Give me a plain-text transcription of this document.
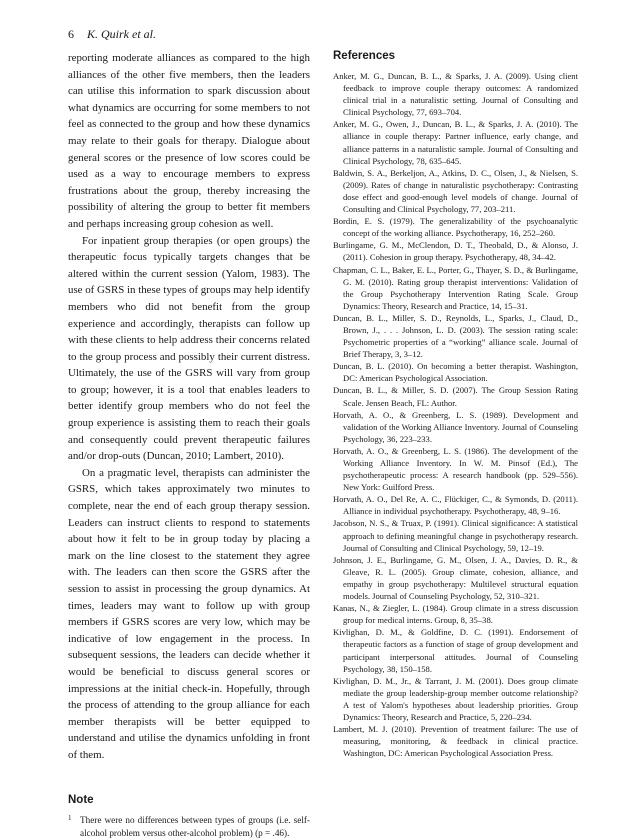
6 K. Quirk et al.

reporting moderate alliances as compared to the high alliances of the other five members, then the leaders can utilise this information to spark discussion about what dynamics are occurring for some members to not feel as connected to the group and how these dynamics may relate to their goals for therapy. Dialogue about general scores or the presence of low scores could be used as a way to encourage members to express frustrations about the group, thereby increasing the possibility of altering the group to better fit members and perhaps increasing group cohesion as well.

For inpatient group therapies (or open groups) the therapeutic focus typically targets changes that be altered within the current session (Yalom, 1983). The use of GSRS in these types of groups may help identify members who did not benefit from the group experience and accordingly, therapists can follow up with these clients to help address their concerns related to the group process and possibly their current distress. Ultimately, the use of the GSRS will vary from group to group; however, it is a tool that enables leaders to better identify group members who do not feel the group experience is assisting them to reach their goals and consequently could prevent therapeutic failures and/or drop-outs (Duncan, 2010; Lambert, 2010).

On a pragmatic level, therapists can administer the GSRS, which takes approximately two minutes to complete, near the end of each group therapy session. Leaders can instruct clients to respond to statements about how it felt to be in group today by placing a mark on the line closest to the statement they agree with. The leaders can then score the GSRS after the session to assist in processing the group dynamics. At times, leaders may want to follow up with group members if GSRS scores are very low, which may be indicative of low engagement in the process. In subsequent sessions, the leaders can decide whether it would be beneficial to discuss general scores or impressions at the initial check-in. Hopefully, through the process of attending to the group alliance for each member therapists will be better equipped to understand and utilise the dynamics unfolding in front of them.

Note
1 There were no differences between types of groups (i.e. self-alcohol problem versus other-alcohol problem) (p = .46).
References

Anker, M. G., Duncan, B. L., & Sparks, J. A. (2009). Using client feedback to improve couple therapy outcomes: A randomized clinical trial in a naturalistic setting. Journal of Consulting and Clinical Psychology, 77, 693–704.

Anker, M. G., Owen, J., Duncan, B. L., & Sparks, J. A. (2010). The alliance in couple therapy: Partner influence, early change, and alliance patterns in a naturalistic sample. Journal of Consulting and Clinical Psychology, 78, 635–645.

Baldwin, S. A., Berkeljon, A., Atkins, D. C., Olsen, J., & Nielsen, S. (2009). Rates of change in naturalistic psychotherapy: Contrasting dose effect and good-enough level models of change. Journal of Consulting and Clinical Psychology, 77, 203–211.

Bordin, E. S. (1979). The generalizability of the psychoanalytic concept of the working alliance. Psychotherapy, 16, 252–260.

Burlingame, G. M., McClendon, D. T., Theobald, D., & Alonso, J. (2011). Cohesion in group therapy. Psychotherapy, 48, 34–42.

Chapman, C. L., Baker, E. L., Porter, G., Thayer, S. D., & Burlingame, G. M. (2010). Rating group therapist interventions: Validation of the Group Psychotherapy Intervention Rating Scale. Group Dynamics: Theory, Research and Practice, 14, 15–31.

Duncan, B. L., Miller, S. D., Reynolds, L., Sparks, J., Claud, D., Brown, J., . . . Johnson, L. D. (2003). The session rating scale: Psychometric properties of a “working” alliance scale. Journal of Brief Therapy, 3, 3–12.

Duncan, B. L. (2010). On becoming a better therapist. Washington, DC: American Psychological Association.

Duncan, B. L., & Miller, S. D. (2007). The Group Session Rating Scale. Jensen Beach, FL: Author.

Horvath, A. O., & Greenberg, L. S. (1989). Development and validation of the Working Alliance Inventory. Journal of Counseling Psychology, 36, 223–233.

Horvath, A. O., & Greenberg, L. S. (1986). The development of the Working Alliance Inventory. In W. M. Pinsof (Ed.), The psychotherapeutic process: A research handbook (pp. 529–556). New York: Guilford Press.

Horvath, A. O., Del Re, A. C., Flückiger, C., & Symonds, D. (2011). Alliance in individual psychotherapy. Psychotherapy, 48, 9–16.

Jacobson, N. S., & Truax, P. (1991). Clinical significance: A statistical approach to defining meaningful change in psychotherapy research. Journal of Consulting and Clinical Psychology, 59, 12–19.

Johnson, J. E., Burlingame, G. M., Olsen, J. A., Davies, D. R., & Gleave, R. L. (2005). Group climate, cohesion, alliance, and empathy in group psychotherapy: Multilevel structural equation models. Journal of Counseling Psychology, 52, 310–321.

Kanas, N., & Ziegler, L. (1984). Group climate in a stress discussion group for medical interns. Group, 8, 35–38.

Kivlighan, D. M., & Goldfine, D. C. (1991). Endorsement of therapeutic factors as a function of stage of group development and participant interpersonal attitudes. Journal of Counseling Psychology, 38, 150–158.

Kivlighan, D. M., Jr., & Tarrant, J. M. (2001). Does group climate mediate the group leadership-group member outcome relationship? A test of Yalom's hypotheses about leadership priorities. Group Dynamics: Theory, Research and Practice, 5, 220–234.

Lambert, M. J. (2010). Prevention of treatment failure: The use of measuring, monitoring, & feedback in clinical practice. Washington, DC: American Psychological Association Press.
